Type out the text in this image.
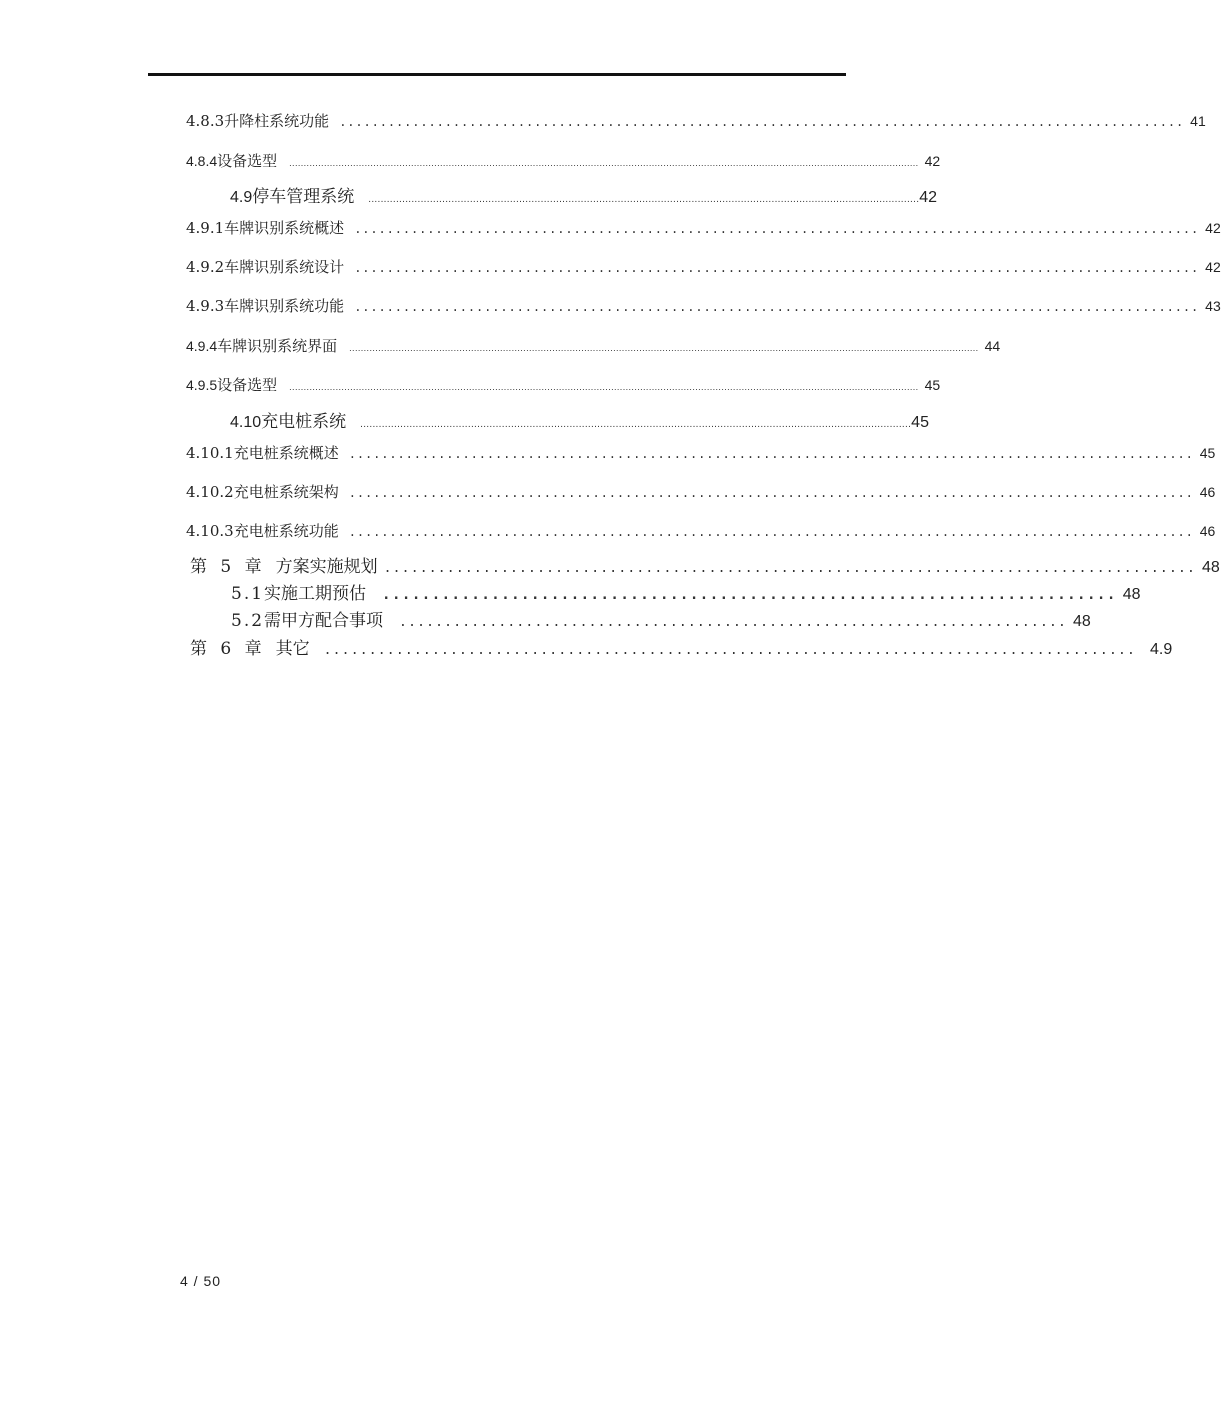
4.8.3 升降柱系统功能 ........................................................................................................ 41
4.8.4 设备选型 ......................................................................................................................................................................................................................... 42
4.9 停车管理系统 ................................................................................................................................................................................... 42
4.9.1 车牌识别系统概述 ........................................................................................................ 42
4.9.2 车牌识别系统设计 ........................................................................................................ 42
4.9.3 车牌识别系统功能 ........................................................................................................ 43
4.9.4 车牌识别系统界面 ......................................................................................................................................................................................................................... 44
4.9.5 设备选型 ......................................................................................................................................................................................................................... 45
4.10 充电桩系统 ................................................................................................................................................................................... 45
4.10.1 充电桩系统概述 ........................................................................................................ 45
4.10.2 充电桩系统架构 ........................................................................................................ 46
4.10.3 充电桩系统功能 ........................................................................................................ 46
第 5 章 方案实施规划 .......................................................................................... 48
5.1 实施工期预估 .......................................................................... 48
5.2 需甲方配合事项 .......................................................................... 48
第 6 章 其它 .......................................................................................... 4.9
4 / 50
